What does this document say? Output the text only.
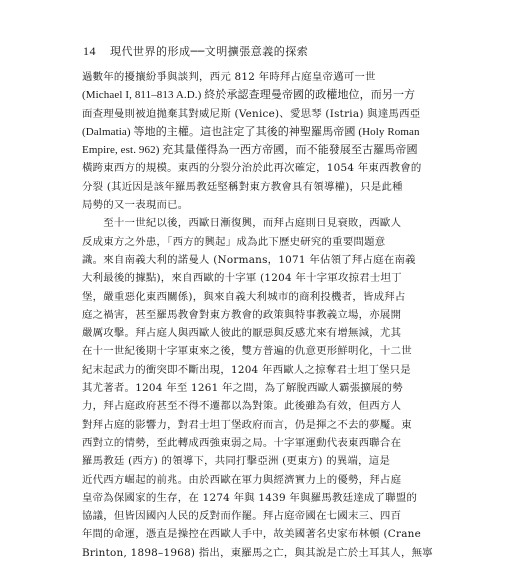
14 現代世界的形成──文明擴張意義的探索
過數年的擾攘紛爭與談判，西元 812 年時拜占庭皇帝邁可一世
(Michael I, 811–813 A.D.) 終於承認查理曼帝國的政權地位，而另一方
面查理曼則被迫拋棄其對威尼斯 (Venice)、愛思琴 (Istria) 與達馬西亞
(Dalmatia) 等地的主權。這也註定了其後的神聖羅馬帝國 (Holy Roman
Empire, est. 962) 充其量僅得為一西方帝國，而不能發展至古羅馬帝國
橫跨東西方的規模。東西的分裂分治於此再次確定，1054 年東西教會的
分裂 (其近因是該年羅馬教廷堅稱對東方教會具有領導權)，只是此種
局勢的又一表現而已。
　　至十一世紀以後，西歐日漸復興，而拜占庭則日見衰敗，西歐人
反成東方之外患，「西方的興起」成為此下歷史研究的重要問題意
識。來自南義大利的諾曼人 (Normans，1071 年佔領了拜占庭在南義
大利最後的據點)，來自西歐的十字軍 (1204 年十字軍攻掠君士坦丁
堡，嚴重惡化東西關係)，與來自義大利城市的商利投機者，皆成拜占
庭之禍害，甚至羅馬教會對東方教會的政策與特事教義立場，亦展開
嚴厲攻擊。拜占庭人與西歐人彼此的厭惡與反感尤來有增無減，尤其
在十一世紀後期十字軍東來之後，雙方普遍的仇意更形鮮明化，十二世
紀末起武力的衝突即不斷出現，1204 年西歐人之掠奪君士坦丁堡只是
其尤著者。1204 年至 1261 年之間，為了解脫西歐人霸張擴展的勢
力，拜占庭政府甚至不得不遷都以為對策。此後雖為有效，但西方人
對拜占庭的影響力，對君士坦丁堡政府而言，仍是揮之不去的夢魘。東
西對立的情勢，至此轉成西強東弱之局。十字軍運動代表東西聯合在
羅馬教廷 (西方) 的領導下，共同打擊亞洲 (更東方) 的異端，這是
近代西方崛起的前兆。由於西歐在軍力與經濟實力上的優勢，拜占庭
皇帝為保國家的生存，在 1274 年與 1439 年與羅馬教廷達成了聯盟的
協議，但皆因國內人民的反對而作罷。拜占庭帝國在七國末三、四百
年間的命運，憑直是操控在西歐人手中，故美國著名史家布林頓 (Crane
Brinton, 1898–1968) 指出，東羅馬之亡，與其說是亡於土耳其人，無寧
